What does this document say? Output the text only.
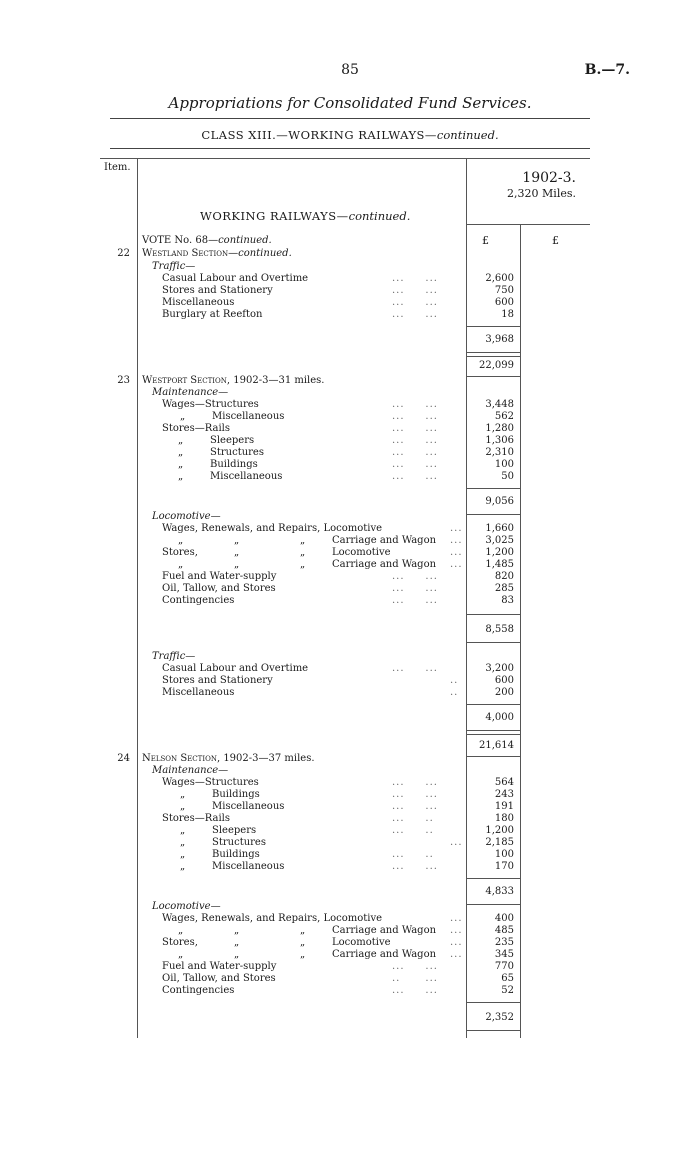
85	B.—7.
Appropriations for Consolidated Fund Services.
CLASS XIII.—WORKING RAILWAYS—continued.
Item.
1902-3.
2,320 Miles.
WORKING RAILWAYS—continued.
£	£
VOTE No. 68—continued.
22 Westland Section—continued.
Traffic—
Casual Labour and Overtime	...     ...	2,600
Stores and Stationery	...     ...	750
Miscellaneous	...     ...	600
Burglary at Reefton	...     ...	18
3,968
22,099
23 Westport Section, 1902-3—31 miles.
Maintenance—
Wages—Structures	...     ...	3,448
„	Miscellaneous	...     ...	562
Stores—Rails	...     ...	1,280
„	Sleepers	...     ...	1,306
„	Structures	...     ...	2,310
„	Buildings	...     ...	100
„	Miscellaneous	...     ...	50
9,056
Locomotive—
Wages, Renewals, and Repairs, Locomotive	...	1,660
„	„	„	Carriage and Wagon ...	3,025
Stores,	„	„	Locomotive	...	1,200
„	„	„	Carriage and Wagon ...	1,485
Fuel and Water-supply	...     ...	820
Oil, Tallow, and Stores	...     ...	285
Contingencies	...     ...	83
8,558
Traffic—
Casual Labour and Overtime	...     ...	3,200
Stores and Stationery	..	600
Miscellaneous	..	200
4,000
21,614
24 Nelson Section, 1902-3—37 miles.
Maintenance—
Wages—Structures	...     ...	564
„	Buildings	...     ...	243
„	Miscellaneous	...     ...	191
Stores—Rails	...     ..	180
„	Sleepers	...     ..	1,200
„	Structures	...	2,185
„	Buildings	...     ..	100
„	Miscellaneous	...     ...	170
4,833
Locomotive—
Wages, Renewals, and Repairs, Locomotive	...	400
„	„	„	Carriage and Wagon ...	485
Stores,	„	„	Locomotive	...	235
„	„	„	Carriage and Wagon ...	345
Fuel and Water-supply	...     ...	770
Oil, Tallow, and Stores	..      ...	65
Contingencies	...     ...	52
2,352
